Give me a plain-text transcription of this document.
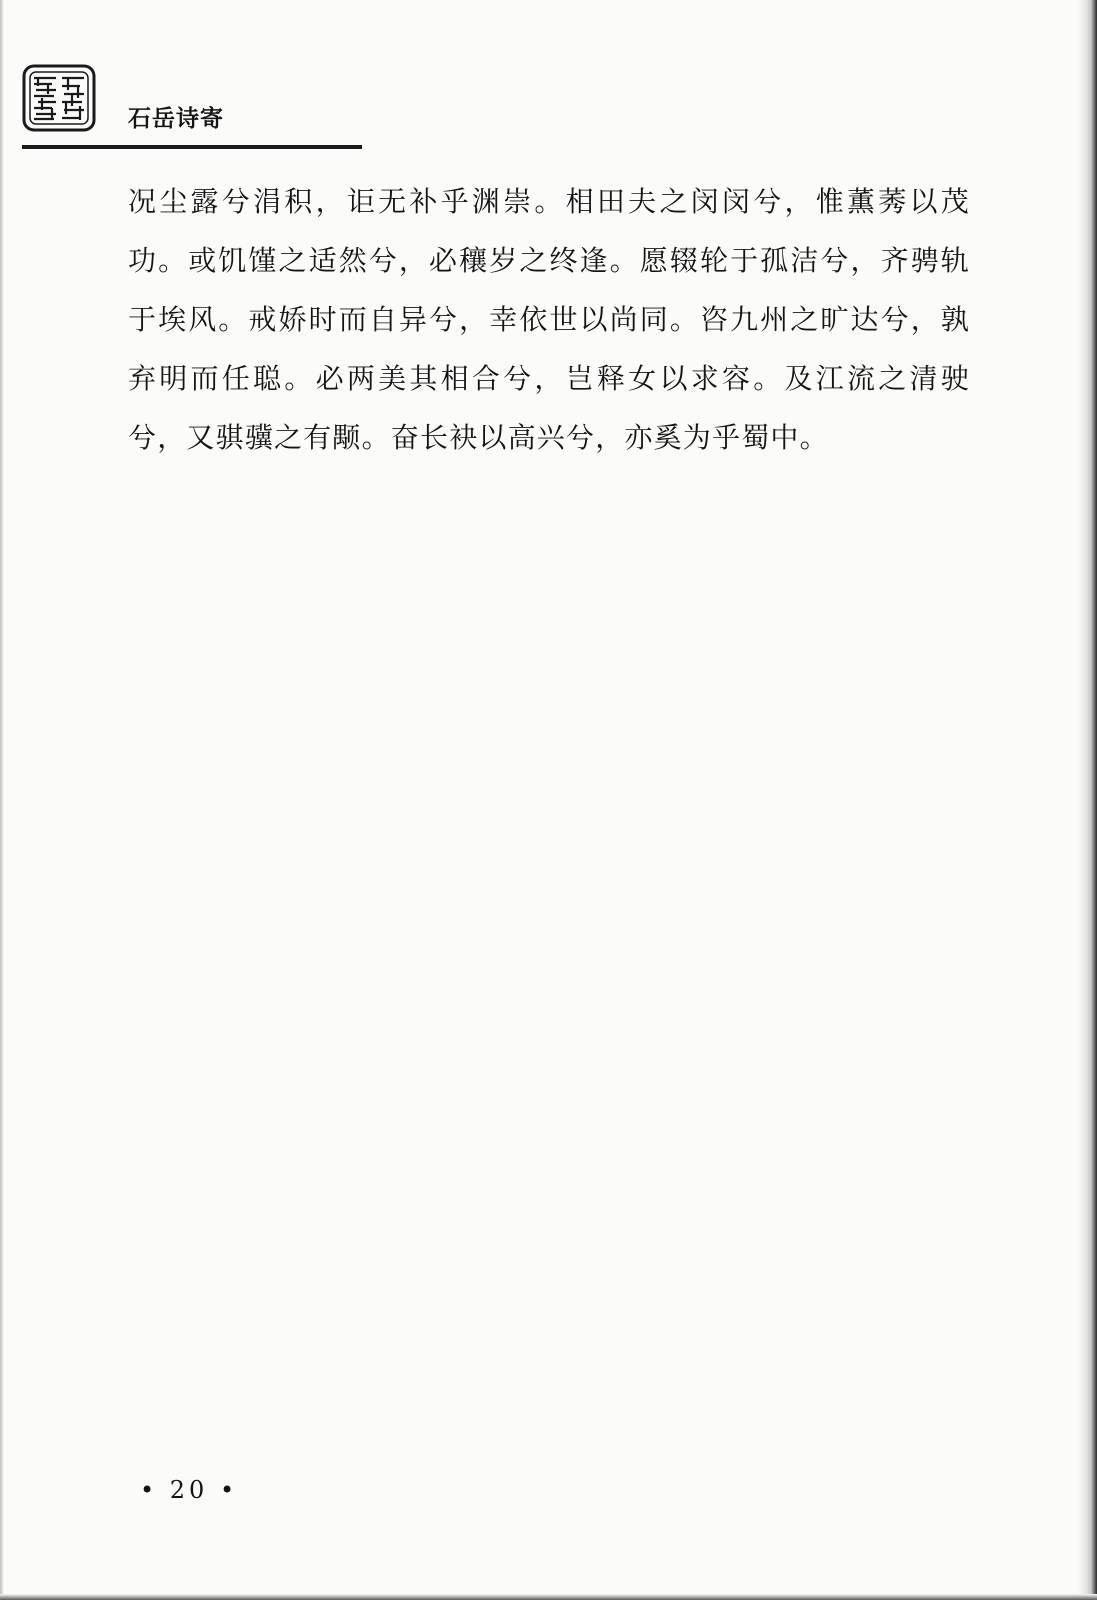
石岳诗寄

况尘露兮涓积，讵无补乎渊崇。相田夫之闵闵兮，惟薫莠以茂功。或饥馑之适然兮，必穰岁之终逢。愿辍轮于孤洁兮，齐骋轨于埃风。戒娇时而自异兮，幸依世以尚同。咨九州之旷达兮，孰弃明而任聪。必两美其相合兮，岂释女以求容。及江流之清驶兮，又骐骥之有颙。奋长袂以高兴兮，亦奚为乎蜀中。

• 20 •
